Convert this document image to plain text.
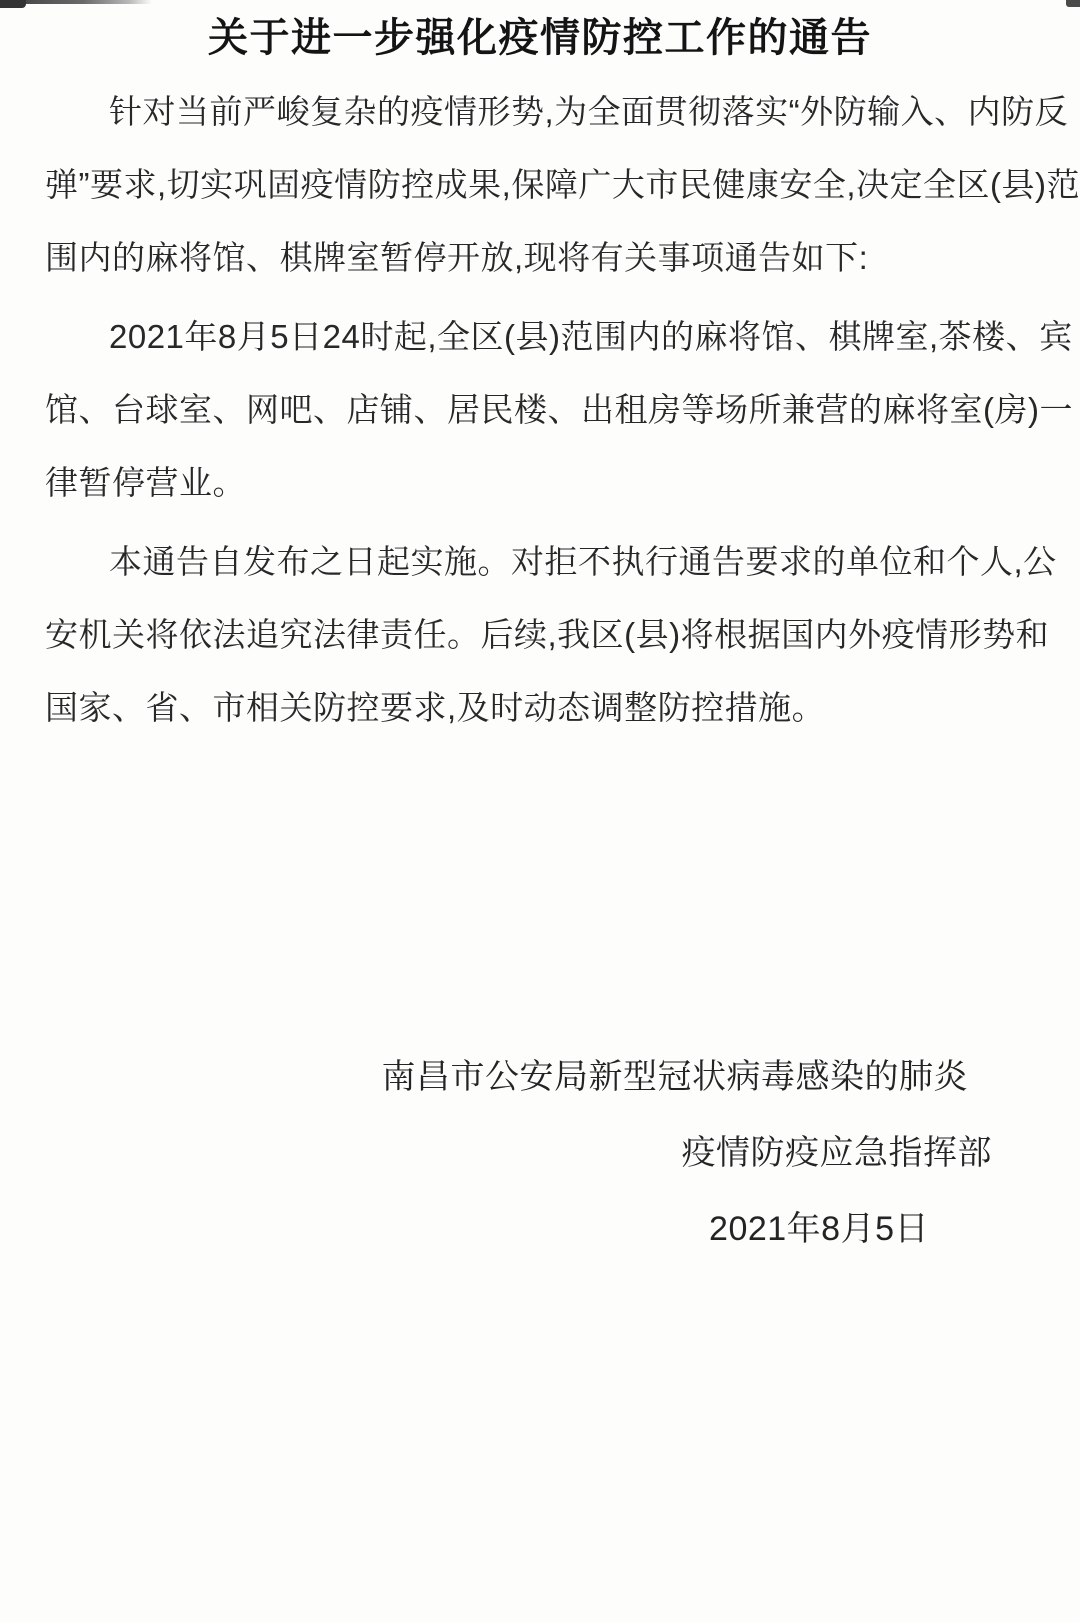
关于进一步强化疫情防控工作的通告
针对当前严峻复杂的疫情形势,为全面贯彻落实“外防输入、内防反
弹”要求,切实巩固疫情防控成果,保障广大市民健康安全,决定全区(县)范
围内的麻将馆、棋牌室暂停开放,现将有关事项通告如下:
2021年8月5日24时起,全区(县)范围内的麻将馆、棋牌室,茶楼、宾
馆、台球室、网吧、店铺、居民楼、出租房等场所兼营的麻将室(房)一
律暂停营业。
本通告自发布之日起实施。对拒不执行通告要求的单位和个人,公
安机关将依法追究法律责任。后续,我区(县)将根据国内外疫情形势和
国家、省、市相关防控要求,及时动态调整防控措施。
南昌市公安局新型冠状病毒感染的肺炎
疫情防疫应急指挥部
2021年8月5日
